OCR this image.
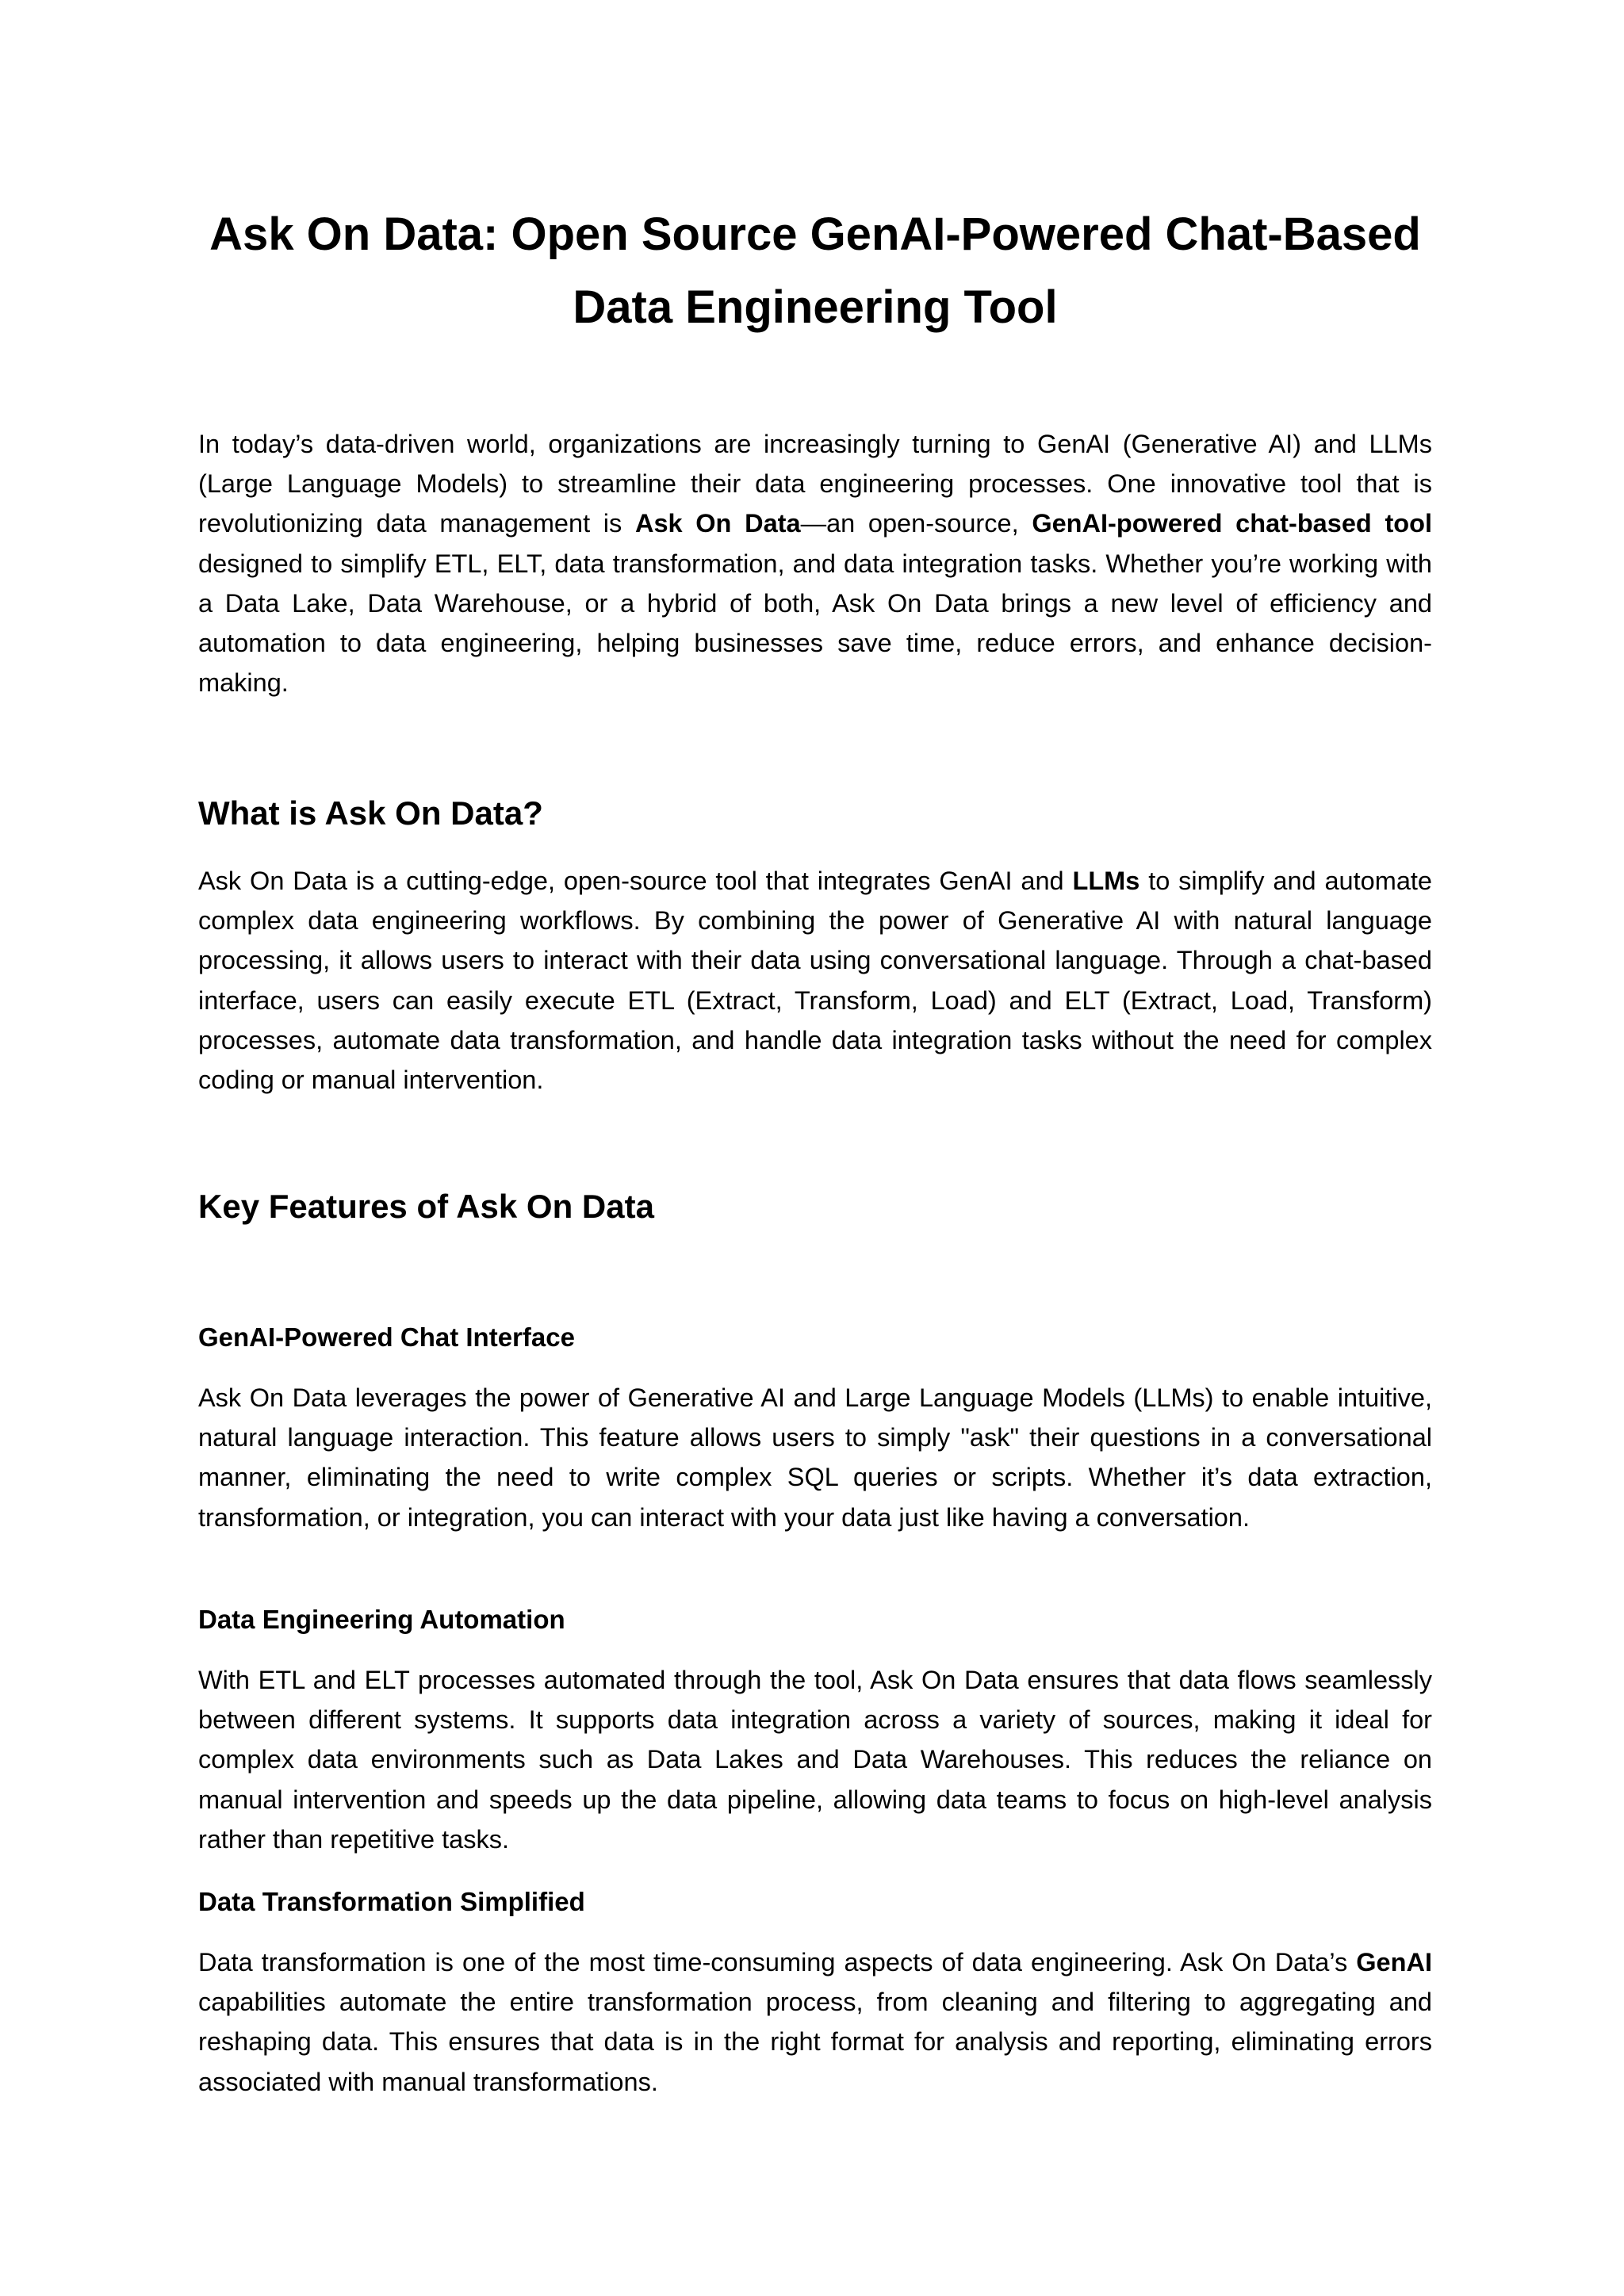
Ask On Data: Open Source GenAI-Powered Chat-Based Data Engineering Tool

In today’s data-driven world, organizations are increasingly turning to GenAI (Generative AI) and LLMs (Large Language Models) to streamline their data engineering processes. One innovative tool that is revolutionizing data management is Ask On Data—an open-source, GenAI-powered chat-based tool designed to simplify ETL, ELT, data transformation, and data integration tasks. Whether you’re working with a Data Lake, Data Warehouse, or a hybrid of both, Ask On Data brings a new level of efficiency and automation to data engineering, helping businesses save time, reduce errors, and enhance decision-making.

What is Ask On Data?

Ask On Data is a cutting-edge, open-source tool that integrates GenAI and LLMs to simplify and automate complex data engineering workflows. By combining the power of Generative AI with natural language processing, it allows users to interact with their data using conversational language. Through a chat-based interface, users can easily execute ETL (Extract, Transform, Load) and ELT (Extract, Load, Transform) processes, automate data transformation, and handle data integration tasks without the need for complex coding or manual intervention.

Key Features of Ask On Data
GenAI-Powered Chat Interface

Ask On Data leverages the power of Generative AI and Large Language Models (LLMs) to enable intuitive, natural language interaction. This feature allows users to simply "ask" their questions in a conversational manner, eliminating the need to write complex SQL queries or scripts. Whether it’s data extraction, transformation, or integration, you can interact with your data just like having a conversation.

Data Engineering Automation

With ETL and ELT processes automated through the tool, Ask On Data ensures that data flows seamlessly between different systems. It supports data integration across a variety of sources, making it ideal for complex data environments such as Data Lakes and Data Warehouses. This reduces the reliance on manual intervention and speeds up the data pipeline, allowing data teams to focus on high-level analysis rather than repetitive tasks.

Data Transformation Simplified

Data transformation is one of the most time-consuming aspects of data engineering. Ask On Data’s GenAI capabilities automate the entire transformation process, from cleaning and filtering to aggregating and reshaping data. This ensures that data is in the right format for analysis and reporting, eliminating errors associated with manual transformations.
